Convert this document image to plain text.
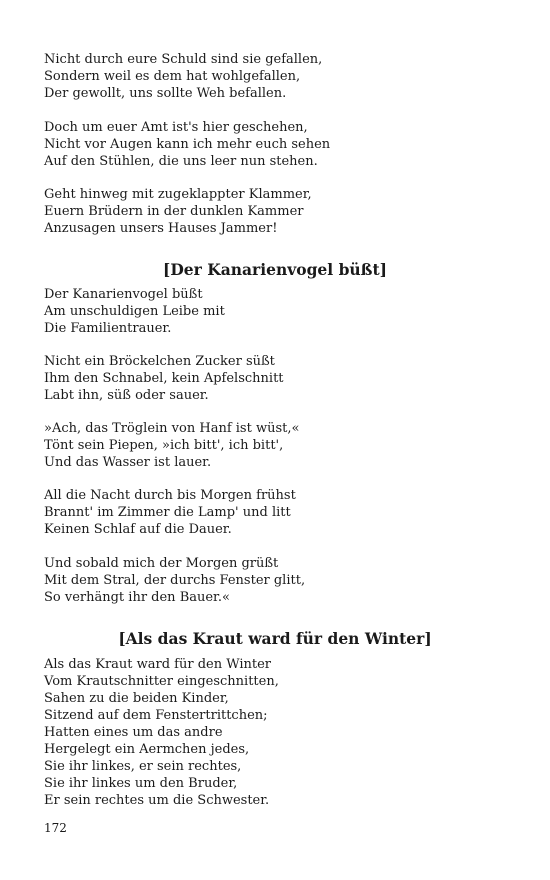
Nicht durch eure Schuld sind sie gefallen,
Sondern weil es dem hat wohlgefallen,
Der gewollt, uns sollte Weh befallen.
Doch um euer Amt ist's hier geschehen,
Nicht vor Augen kann ich mehr euch sehen
Auf den Stühlen, die uns leer nun stehen.
Geht hinweg mit zugeklappter Klammer,
Euern Brüdern in der dunklen Kammer
Anzusagen unsers Hauses Jammer!
[Der Kanarienvogel büßt]
Der Kanarienvogel büßt
Am unschuldigen Leibe mit
Die Familientrauer.
Nicht ein Bröckelchen Zucker süßt
Ihm den Schnabel, kein Apfelschnitt
Labt ihn, süß oder sauer.
»Ach, das Tröglein von Hanf ist wüst,«
Tönt sein Piepen, »ich bitt', ich bitt',
Und das Wasser ist lauer.
All die Nacht durch bis Morgen frühst
Brannt' im Zimmer die Lamp' und litt
Keinen Schlaf auf die Dauer.
Und sobald mich der Morgen grüßt
Mit dem Stral, der durchs Fenster glitt,
So verhängt ihr den Bauer.«
[Als das Kraut ward für den Winter]
Als das Kraut ward für den Winter
Vom Krautschnitter eingeschnitten,
Sahen zu die beiden Kinder,
Sitzend auf dem Fenstertrittchen;
Hatten eines um das andre
Hergelegt ein Aermchen jedes,
Sie ihr linkes, er sein rechtes,
Sie ihr linkes um den Bruder,
Er sein rechtes um die Schwester.
172
